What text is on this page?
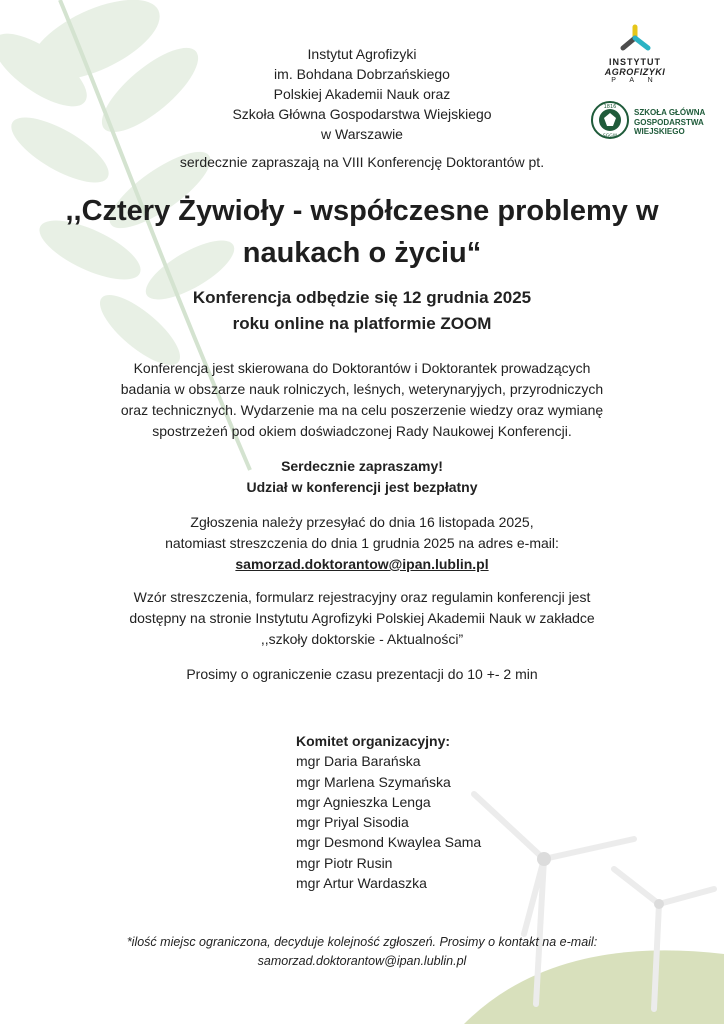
Instytut Agrofizyki
im. Bohdana Dobrzańskiego
Polskiej Akademii Nauk oraz
Szkoła Główna Gospodarstwa Wiejskiego
w Warszawie
INSTYTUT
AGROFIZYKI
P A N
1816
SGGW
SZKOŁA GŁÓWNA
GOSPODARSTWA
WIEJSKIEGO
serdecznie zapraszają na VIII Konferencję Doktorantów pt.
,,Cztery Żywioły - współczesne problemy w
naukach o życiu“
Konferencja odbędzie się 12 grudnia 2025
roku online na platformie ZOOM
Konferencja jest skierowana do Doktorantów i Doktorantek prowadzących
badania w obszarze nauk rolniczych, leśnych, weterynaryjych, przyrodniczych
oraz technicznych. Wydarzenie ma na celu poszerzenie wiedzy oraz wymianę
spostrzeżeń pod okiem doświadczonej Rady Naukowej Konferencji.
Serdecznie zapraszamy!
Udział w konferencji jest bezpłatny
Zgłoszenia należy przesyłać do dnia 16 listopada 2025,
natomiast streszczenia do dnia 1 grudnia 2025 na adres e-mail:
samorzad.doktorantow@ipan.lublin.pl
Wzór streszczenia, formularz rejestracyjny oraz regulamin konferencji jest
dostępny na stronie Instytutu Agrofizyki Polskiej Akademii Nauk w zakładce
,,szkoły doktorskie - Aktualności”
Prosimy o ograniczenie czasu prezentacji do 10 +- 2 min
Komitet organizacyjny:
mgr Daria Barańska
mgr Marlena Szymańska
mgr Agnieszka Lenga
mgr Priyal Sisodia
mgr Desmond Kwaylea Sama
mgr Piotr Rusin
mgr Artur Wardaszka
*ilość miejsc ograniczona, decyduje kolejność zgłoszeń. Prosimy o kontakt na e-mail:
samorzad.doktorantow@ipan.lublin.pl
